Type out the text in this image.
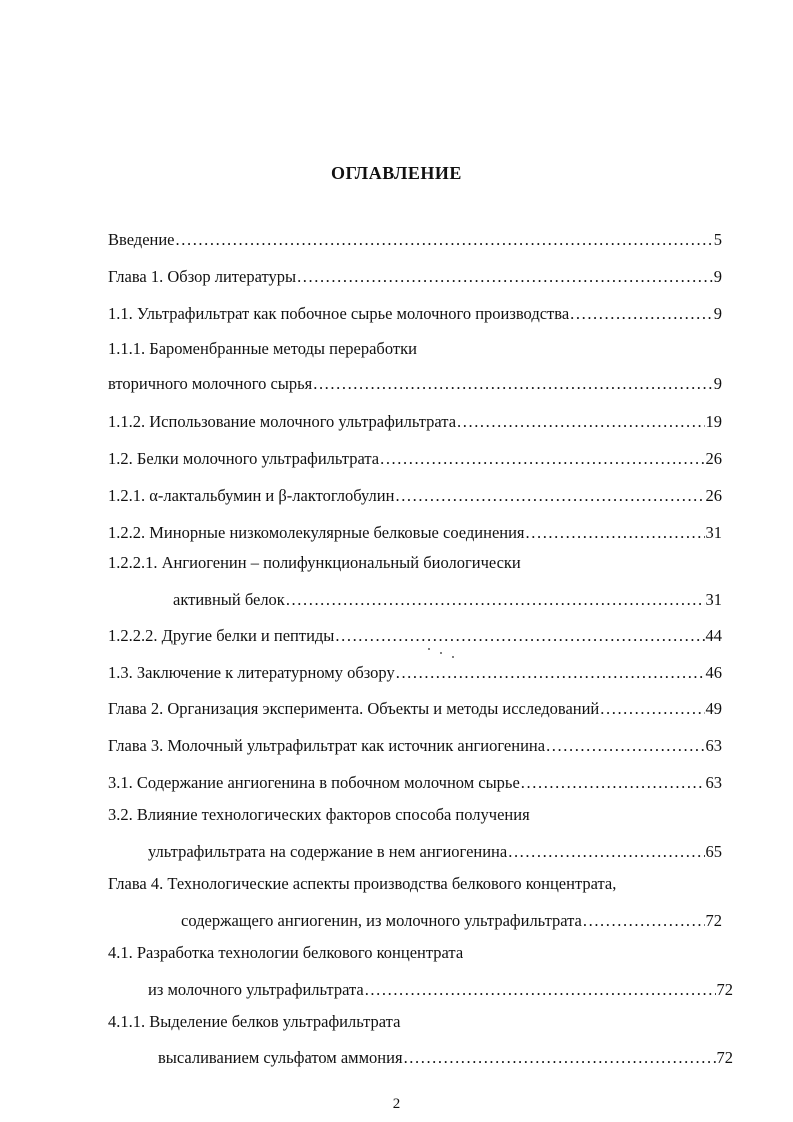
ОГЛАВЛЕНИЕ
Введение .....	5
Глава 1. Обзор литературы .....	9
1.1. Ультрафильтрат как побочное сырье молочного производства .....	9
1.1.1. Бароменбранные методы переработки
вторичного молочного сырья .....	9
1.1.2. Использование молочного ультрафильтрата .....	19
1.2. Белки молочного ультрафильтрата .....	26
1.2.1. α-лактальбумин и β-лактоглобулин .....	26
1.2.2. Минорные низкомолекулярные белковые соединения .....	31
1.2.2.1. Ангиогенин – полифункциональный биологически
активный белок .....	31
1.2.2.2. Другие белки и пептиды .....	44
1.3. Заключение к литературному обзору .....	46
Глава 2. Организация эксперимента. Объекты и методы исследований .....	49
Глава 3. Молочный ультрафильтрат как источник ангиогенина .....	63
3.1. Содержание ангиогенина в побочном молочном сырье .....	63
3.2. Влияние технологических факторов способа получения
ультрафильтрата на содержание в нем ангиогенина .....	65
Глава 4. Технологические аспекты производства белкового концентрата,
содержащего ангиогенин, из молочного ультрафильтрата .....	72
4.1. Разработка технологии белкового концентрата
из молочного ультрафильтрата .....	72
4.1.1. Выделение белков ультрафильтрата
высаливанием сульфатом аммония .....	72
2
